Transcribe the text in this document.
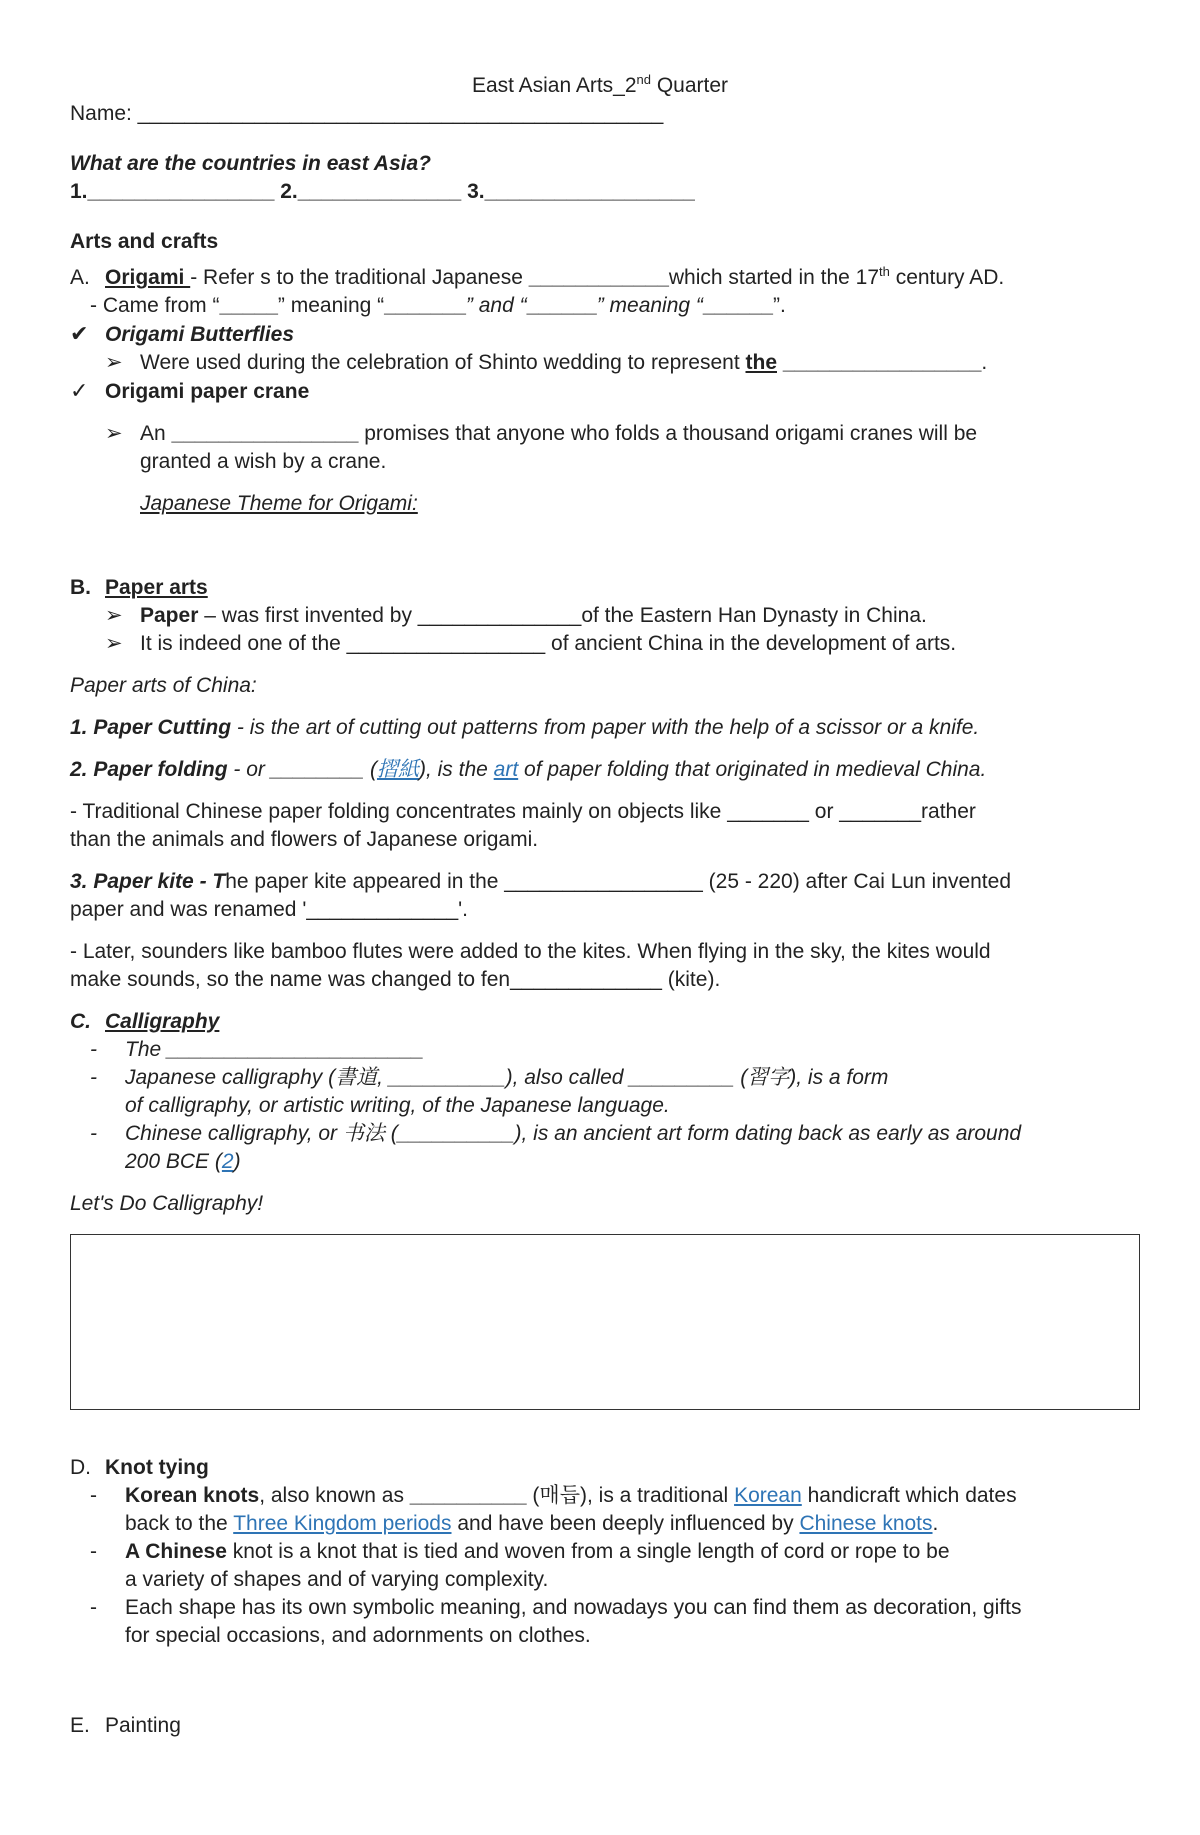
East Asian Arts_2nd Quarter
Name: _____________________________________________
What are the countries in east Asia?
1.________________ 2.______________ 3.__________________
Arts and crafts
A. Origami - Refer s to the traditional Japanese ____________which started in the 17th century AD.
- Came from “_____” meaning “_______” and “______” meaning “______”.
✔ Origami Butterflies
➢ Were used during the celebration of Shinto wedding to represent the _________________.
✓ Origami paper crane
➢ An ________________ promises that anyone who folds a thousand origami cranes will be
granted a wish by a crane.
Japanese Theme for Origami:
B. Paper arts
➢ Paper – was first invented by ______________of the Eastern Han Dynasty in China.
➢ It is indeed one of the _________________ of ancient China in the development of arts.
Paper arts of China:
1. Paper Cutting - is the art of cutting out patterns from paper with the help of a scissor or a knife.
2. Paper folding - or ________ (摺紙), is the art of paper folding that originated in medieval China.
- Traditional Chinese paper folding concentrates mainly on objects like _______ or _______rather
than the animals and flowers of Japanese origami.
3. Paper kite - The paper kite appeared in the _________________ (25 - 220) after Cai Lun invented
paper and was renamed '_____________'.
- Later, sounders like bamboo flutes were added to the kites. When flying in the sky, the kites would
make sounds, so the name was changed to fen_____________ (kite).
C. Calligraphy
- The ______________________
- Japanese calligraphy (書道, __________), also called _________ (習字), is a form
of calligraphy, or artistic writing, of the Japanese language.
- Chinese calligraphy, or 书法 (__________), is an ancient art form dating back as early as around
200 BCE (2)
Let's Do Calligraphy!
D. Knot tying
- Korean knots, also known as __________ (매듭), is a traditional Korean handicraft which dates
back to the Three Kingdom periods and have been deeply influenced by Chinese knots.
- A Chinese knot is a knot that is tied and woven from a single length of cord or rope to be
a variety of shapes and of varying complexity.
- Each shape has its own symbolic meaning, and nowadays you can find them as decoration, gifts
for special occasions, and adornments on clothes.
E. Painting
